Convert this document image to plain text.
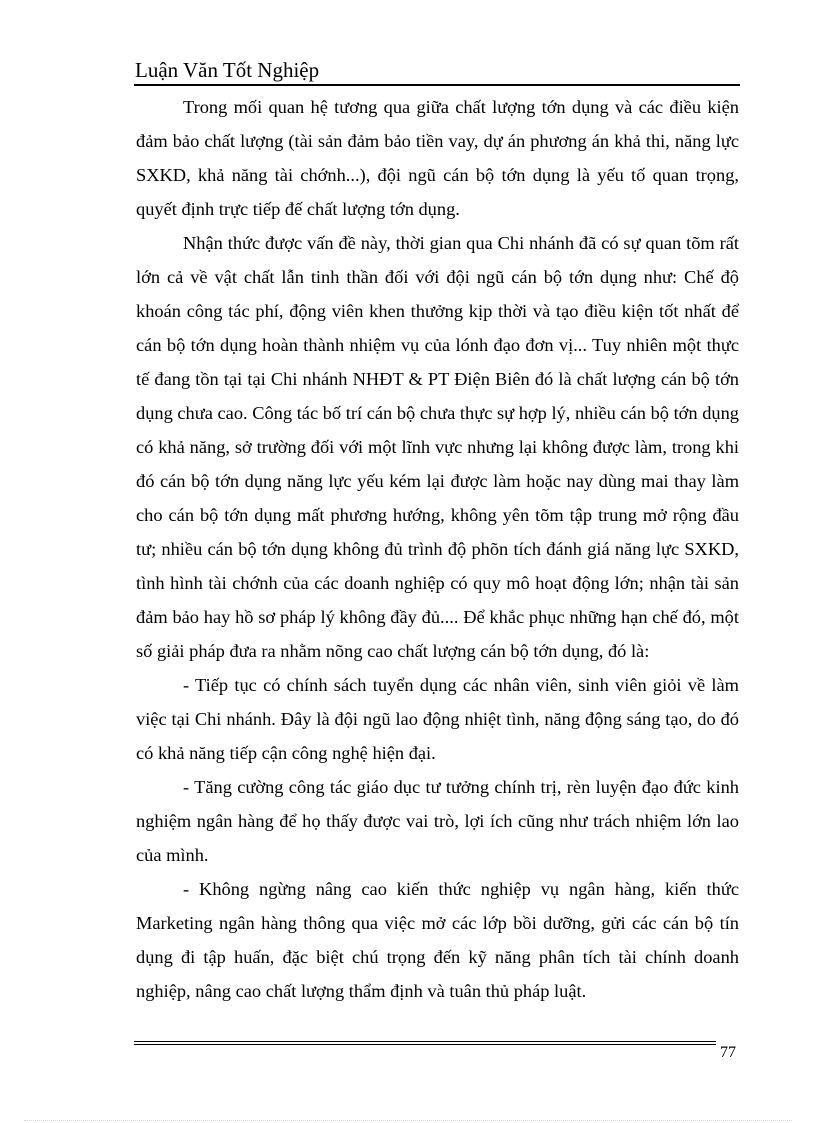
Luận Văn Tốt Nghiệp

Trong mối quan hệ tương qua giữa chất lượng tớn dụng và các điều kiện đảm bảo chất lượng (tài sản đảm bảo tiền vay, dự án phương án khả thi, năng lực SXKD, khả năng tài chớnh...), đội ngũ cán bộ tớn dụng là yếu tố quan trọng, quyết định trực tiếp đế chất lượng tớn dụng.

Nhận thức được vấn đề này, thời gian qua Chi nhánh đã có sự quan tõm rất lớn cả về vật chất lẫn tinh thần đối với đội ngũ cán bộ tớn dụng như: Chế độ khoán công tác phí, động viên khen thưởng kịp thời và tạo điều kiện tốt nhất để cán bộ tớn dụng hoàn thành nhiệm vụ của lónh đạo đơn vị... Tuy nhiên một thực tế đang tồn tại tại Chi nhánh NHĐT & PT Điện Biên đó là chất lượng cán bộ tớn dụng chưa cao. Công tác bố trí cán bộ chưa thực sự hợp lý, nhiều cán bộ tớn dụng có khả năng, sở trường đối với một lĩnh vực nhưng lại không được làm, trong khi đó cán bộ tớn dụng năng lực yếu kém lại được làm hoặc nay dùng mai thay làm cho cán bộ tớn dụng mất phương hướng, không yên tõm tập trung mở rộng đầu tư; nhiều cán bộ tớn dụng không đủ trình độ phõn tích đánh giá năng lực SXKD, tình hình tài chớnh của các doanh nghiệp có quy mô hoạt động lớn; nhận tài sản đảm bảo hay hồ sơ pháp lý không đầy đủ.... Để khắc phục những hạn chế đó, một số giải pháp đưa ra nhằm nõng cao chất lượng cán bộ tớn dụng, đó là:

- Tiếp tục có chính sách tuyển dụng các nhân viên, sinh viên giỏi về làm việc tại Chi nhánh. Đây là đội ngũ lao động nhiệt tình, năng động sáng tạo, do đó có khả năng tiếp cận công nghệ hiện đại.

- Tăng cường công tác giáo dục tư tưởng chính trị, rèn luyện đạo đức kinh nghiệm ngân hàng để họ thấy được vai trò, lợi ích cũng như trách nhiệm lớn lao của mình.

- Không ngừng nâng cao kiến thức nghiệp vụ ngân hàng, kiến thức Marketing ngân hàng thông qua việc mở các lớp bồi dưỡng, gửi các cán bộ tín dụng đi tập huấn, đặc biệt chú trọng đến kỹ năng phân tích tài chính doanh nghiệp, nâng cao chất lượng thẩm định và tuân thủ pháp luật.

77
